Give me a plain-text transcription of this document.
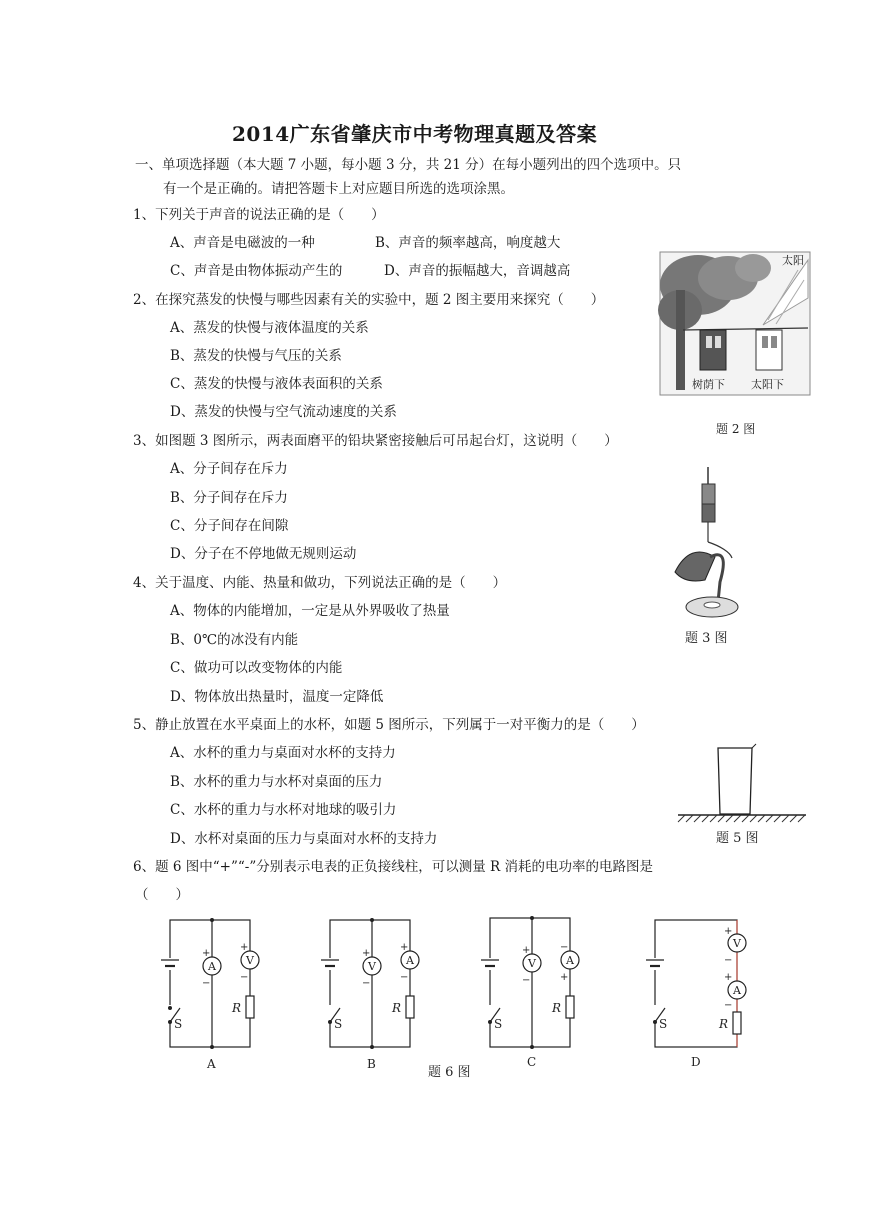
2014广东省肇庆市中考物理真题及答案
一、单项选择题（本大题 7 小题，每小题 3 分，共 21 分）在每小题列出的四个选项中。只
有一个是正确的。请把答题卡上对应题目所选的选项涂黑。
1、下列关于声音的说法正确的是（　　）
A、声音是电磁波的一种	B、声音的频率越高，响度越大
C、声音是由物体振动产生的	D、声音的振幅越大，音调越高
2、在探究蒸发的快慢与哪些因素有关的实验中，题 2 图主要用来探究（　　）
A、蒸发的快慢与液体温度的关系
B、蒸发的快慢与气压的关系
C、蒸发的快慢与液体表面积的关系
D、蒸发的快慢与空气流动速度的关系
太阳
树荫下 太阳下
题 2 图
3、如图题 3 图所示，两表面磨平的铅块紧密接触后可吊起台灯，这说明（　　）
A、分子间存在斥力
B、分子间存在斥力
C、分子间存在间隙
D、分子在不停地做无规则运动
题 3 图
4、关于温度、内能、热量和做功，下列说法正确的是（　　）
A、物体的内能增加，一定是从外界吸收了热量
B、0℃的冰没有内能
C、做功可以改变物体的内能
D、物体放出热量时，温度一定降低
5、静止放置在水平桌面上的水杯，如题 5 图所示，下列属于一对平衡力的是（　　）
A、水杯的重力与桌面对水杯的支持力
B、水杯的重力与水杯对桌面的压力
C、水杯的重力与水杯对地球的吸引力
D、水杯对桌面的压力与桌面对水杯的支持力	题 5 图
6、题 6 图中“+”“-”分别表示电表的正负接线柱，可以测量 R 消耗的电功率的电路图是
（　　）
A
+
−
V
+
−
R
S
A
V
+
−
A
+
−
R
S
B
V
+
−
A
−
+
R
S
C
V
+
−
A
+
−
R
S
D
题 6 图
